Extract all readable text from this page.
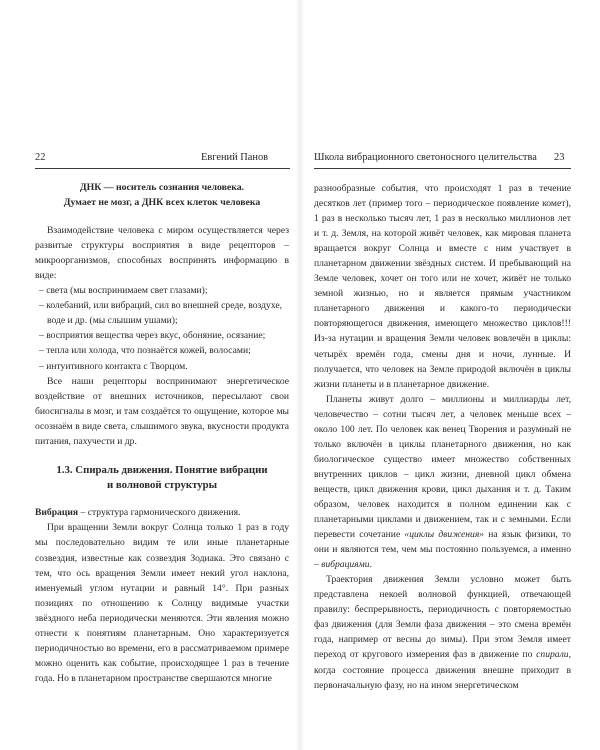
22	Евгений Панов

ДНК — носитель сознания человека.

Думает не мозг, а ДНК всех клеток человека

Взаимодействие человека с миром осуществляется через развитые структуры восприятия в виде рецепторов – микроорганизмов, способных воспринять информацию в виде:

– света (мы воспринимаем свет глазами);

– колебаний, или вибраций, сил во внешней среде, воздухе, воде и др. (мы слышим ушами);

– восприятия вещества через вкус, обоняние, осязание;

– тепла или холода, что познаётся кожей, волосами;

– интуитивного контакта с Творцом.

Все наши рецепторы воспринимают энергетическое воздействие от внешних источников, пересылают свои биосигналы в мозг, и там создаётся то ощущение, которое мы осознаём в виде света, слышимого звука, вкусности продукта питания, пахучести и др.

1.3. Спираль движения. Понятие вибрации

и волновой структуры

Вибрация – структура гармонического движения.

При вращении Земли вокруг Солнца только 1 раз в году мы последовательно видим те или иные планетарные созвездия, известные как созвездия Зодиака. Это связано с тем, что ось вращения Земли имеет некий угол наклона, именуемый углом нутации и равный 14°. При разных позициях по отношению к Солнцу видимые участки звёздного неба периодически меняются. Эти явления можно отнести к понятиям планетарным. Оно характеризуется периодичностью во времени, его в рассматриваемом примере можно оценить как событие, происходящее 1 раз в течение года. Но в планетарном пространстве свершаются многие

Школа вибрационного светоносного целительства 23

разнообразные события, что происходят 1 раз в течение десятков лет (пример того – периодическое появление комет), 1 раз в несколько тысяч лет, 1 раз в несколько миллионов лет и т. д. Земля, на которой живёт человек, как мировая планета вращается вокруг Солнца и вместе с ним участвует в планетарном движении звёздных систем. И пребывающий на Земле человек, хочет он того или не хочет, живёт не только земной жизнью, но и является прямым участником планетарного движения и какого-то периодически повторяющегося движения, имеющего множество циклов!!! Из-за нутации и вращения Земли человек вовлечён в циклы: четырёх времён года, смены дня и ночи, лунные. И получается, что человек на Земле природой включён в циклы жизни планеты и в планетарное движение.

Планеты живут долго – миллионы и миллиарды лет, человечество – сотни тысяч лет, а человек меньше всех – около 100 лет. По человек как венец Творения и разумный не только включён в циклы планетарного движения, но как биологическое существо имеет множество собственных внутренних циклов – цикл жизни, дневной цикл обмена веществ, цикл движения крови, цикл дыхания и т. д. Таким образом, человек находится в полном единении как с планетарными циклами и движением, так и с земными. Если перевести сочетание «циклы движения» на язык физики, то они и являются тем, чем мы постоянно пользуемся, а именно – вибрациями.

Траектория движения Земли условно может быть представлена некоей волновой функцией, отвечающей правилу: беспрерывность, периодичность с повторяемостью фаз движения (для Земли фаза движения – это смена времён года, например от весны до зимы). При этом Земля имеет переход от кругового измерения фаз в движение по спирали, когда состояние процесса движения внешне приходит в первоначальную фазу, но на ином энергетическом
